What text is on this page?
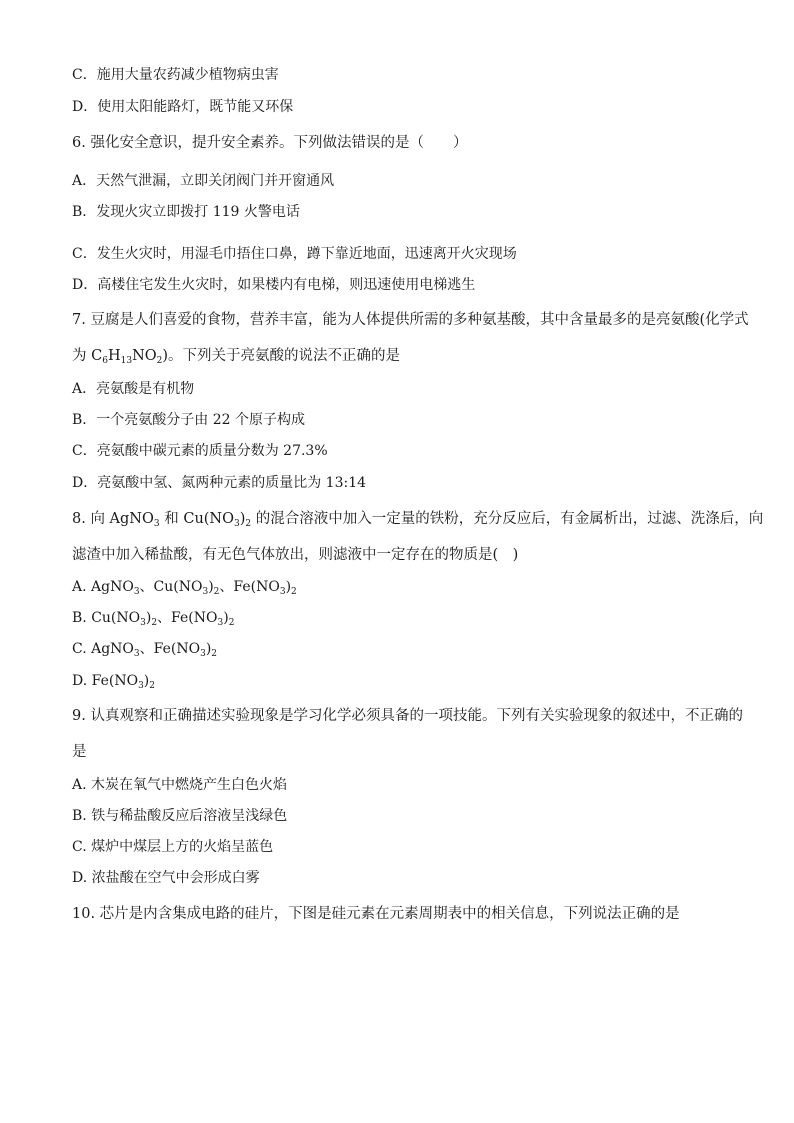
C．施用大量农药减少植物病虫害
D．使用太阳能路灯，既节能又环保
6. 强化安全意识，提升安全素养。下列做法错误的是（　　）
A．天然气泄漏，立即关闭阀门并开窗通风
B．发现火灾立即拨打 119 火警电话
C．发生火灾时，用湿毛巾捂住口鼻，蹲下靠近地面，迅速离开火灾现场
D．高楼住宅发生火灾时，如果楼内有电梯，则迅速使用电梯逃生
7. 豆腐是人们喜爱的食物，营养丰富，能为人体提供所需的多种氨基酸，其中含量最多的是亮氨酸(化学式
为 $C_6H_{13}NO_2$)。下列关于亮氨酸的说法不正确的是
A．亮氨酸是有机物
B．一个亮氨酸分子由 22 个原子构成
C．亮氨酸中碳元素的质量分数为 27.3%
D．亮氨酸中氢、氮两种元素的质量比为 13:14
8. 向 AgNO$_3$ 和 $Cu(NO_3)_2$ 的混合溶液中加入一定量的铁粉，充分反应后，有金属析出，过滤、洗涤后，向
滤渣中加入稀盐酸，有无色气体放出，则滤液中一定存在的物质是(　)
A. AgNO$_3$、$Cu(NO_3)_2$、$Fe(NO_3)_2$
B. $Cu(NO_3)_2$、$Fe(NO_3)_2$
C. AgNO$_3$、$Fe(NO_3)_2$
D. $Fe(NO_3)_2$
9. 认真观察和正确描述实验现象是学习化学必须具备的一项技能。下列有关实验现象的叙述中，不正确的
是
A. 木炭在氧气中燃烧产生白色火焰
B. 铁与稀盐酸反应后溶液呈浅绿色
C. 煤炉中煤层上方的火焰呈蓝色
D. 浓盐酸在空气中会形成白雾
10. 芯片是内含集成电路的硅片，下图是硅元素在元素周期表中的相关信息，下列说法正确的是
